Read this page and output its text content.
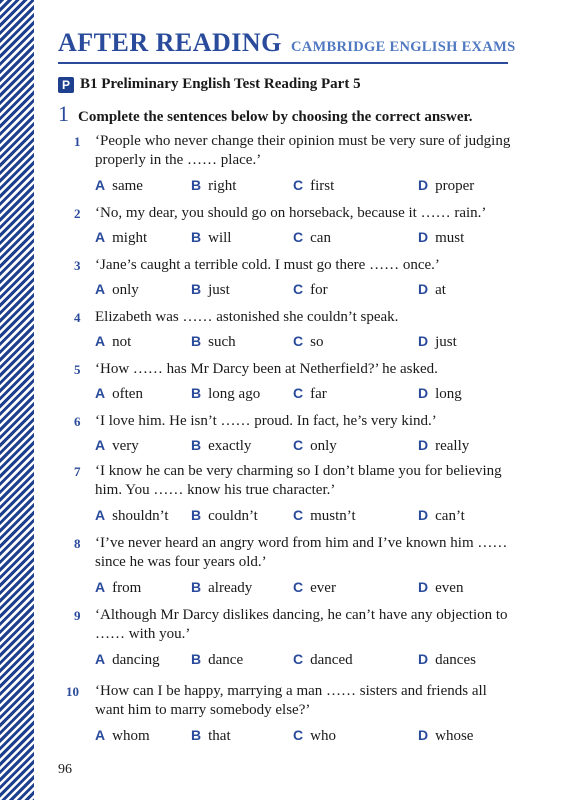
AFTER READING CAMBRIDGE ENGLISH EXAMS
P B1 Preliminary English Test Reading Part 5
1 Complete the sentences below by choosing the correct answer.
1 ‘People who never change their opinion must be very sure of judging properly in the …… place.’
A same	B right	C first	D proper
2 ‘No, my dear, you should go on horseback, because it …… rain.’
A might	B will	C can	D must
3 ‘Jane’s caught a terrible cold. I must go there …… once.’
A only	B just	C for	D at
4 Elizabeth was …… astonished she couldn’t speak.
A not	B such	C so	D just
5 ‘How …… has Mr Darcy been at Netherfield?’ he asked.
A often	B long ago C far	D long
6 ‘I love him. He isn’t …… proud. In fact, he’s very kind.’
A very	B exactly	C only	D really
7 ‘I know he can be very charming so I don’t blame you for believing him. You …… know his true character.’
A shouldn’t B couldn’t	C mustn’t	D can’t
8 ‘I’ve never heard an angry word from him and I’ve known him …… since he was four years old.’
A from	B already	C ever	D even
9 ‘Although Mr Darcy dislikes dancing, he can’t have any objection to …… with you.’
A dancing B dance	C danced	D dances
10 ‘How can I be happy, marrying a man …… sisters and friends all want him to marry somebody else?’
A whom	B that	C who	D whose
96
